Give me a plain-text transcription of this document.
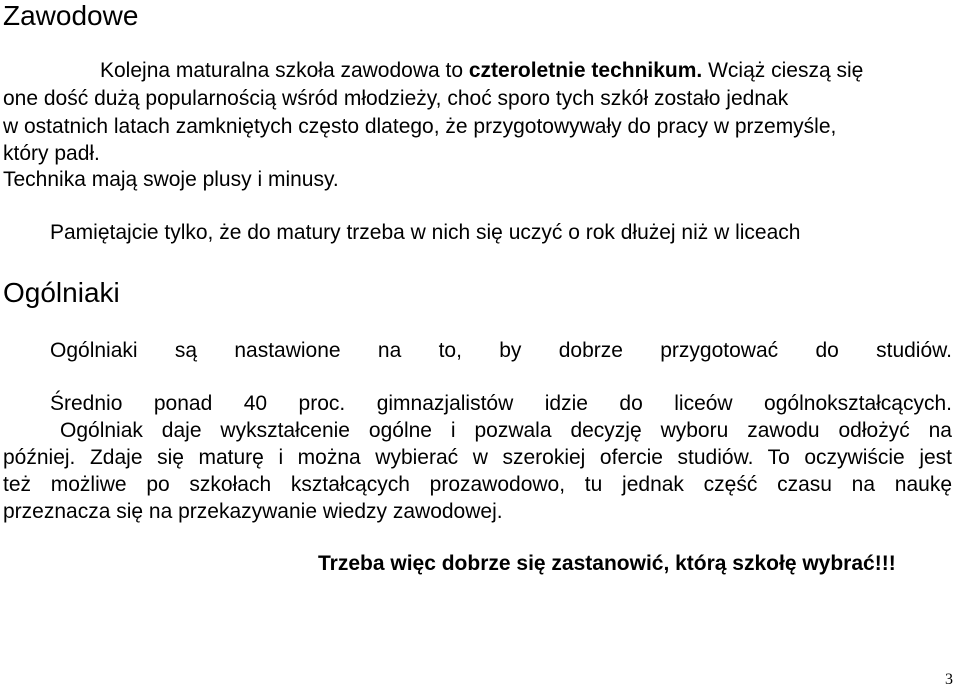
Zawodowe
Kolejna maturalna szkoła zawodowa to czteroletnie technikum. Wciąż cieszą się
one dość dużą popularnością wśród młodzieży, choć sporo tych szkół zostało jednak
w ostatnich latach zamkniętych często dlatego, że przygotowywały do pracy w przemyśle,
który padł.
Technika mają swoje plusy i minusy.
Pamiętajcie tylko, że do matury trzeba w nich się uczyć o rok dłużej niż w liceach
Ogólniaki
Ogólniaki są nastawione na to, by dobrze przygotować do studiów.
Średnio ponad 40 proc. gimnazjalistów idzie do liceów ogólnokształcących.
Ogólniak daje wykształcenie ogólne i pozwala decyzję wyboru zawodu odłożyć na
później. Zdaje się maturę i można wybierać w szerokiej ofercie studiów. To oczywiście jest
też możliwe po szkołach kształcących prozawodowo, tu jednak część czasu na naukę
przeznacza się na przekazywanie wiedzy zawodowej.
Trzeba więc dobrze się zastanowić, którą szkołę wybrać!!!
3
